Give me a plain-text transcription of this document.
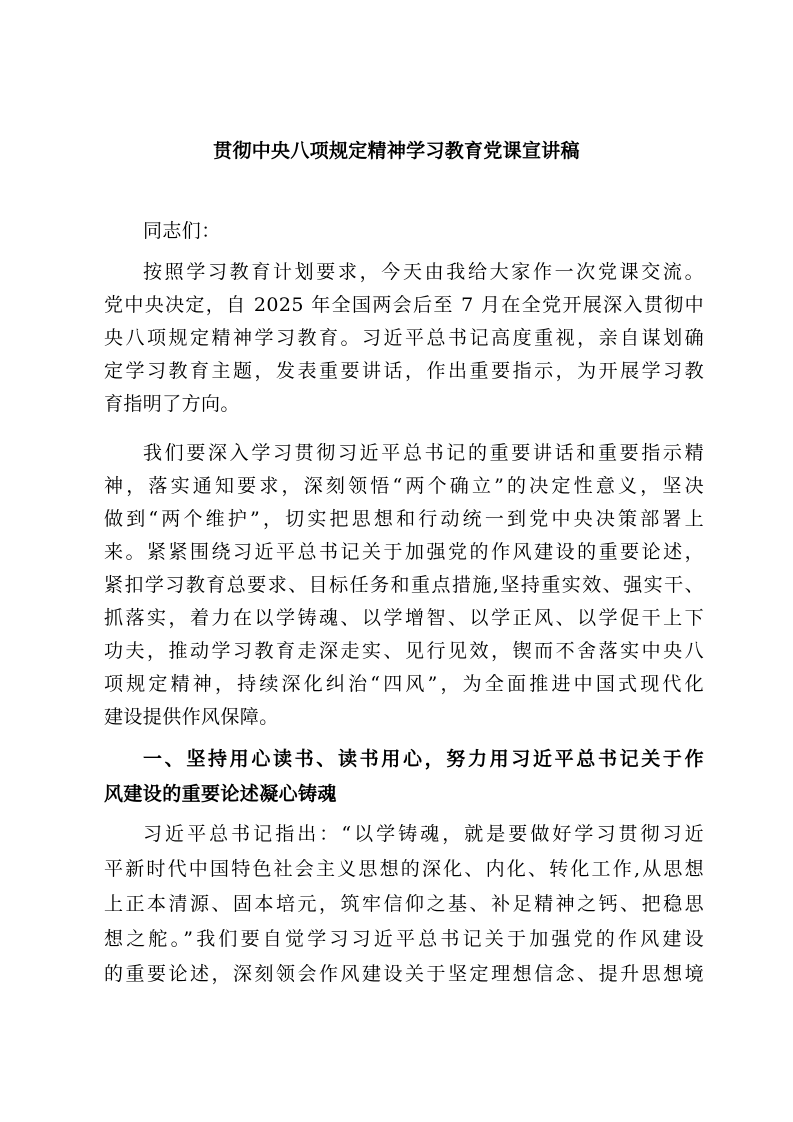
贯彻中央八项规定精神学习教育党课宣讲稿
同志们：
按照学习教育计划要求，今天由我给大家作一次党课交流。
党中央决定，自 2025 年全国两会后至 7 月在全党开展深入贯彻中
央八项规定精神学习教育。习近平总书记高度重视，亲自谋划确
定学习教育主题，发表重要讲话，作出重要指示，为开展学习教
育指明了方向。
我们要深入学习贯彻习近平总书记的重要讲话和重要指示精
神，落实通知要求，深刻领悟“两个确立”的决定性意义，坚决
做到“两个维护”，切实把思想和行动统一到党中央决策部署上
来。紧紧围绕习近平总书记关于加强党的作风建设的重要论述，
紧扣学习教育总要求、目标任务和重点措施,坚持重实效、强实干、
抓落实，着力在以学铸魂、以学增智、以学正风、以学促干上下
功夫，推动学习教育走深走实、见行见效，锲而不舍落实中央八
项规定精神，持续深化纠治“四风”，为全面推进中国式现代化
建设提供作风保障。
一、坚持用心读书、读书用心，努力用习近平总书记关于作
风建设的重要论述凝心铸魂
习近平总书记指出：“以学铸魂，就是要做好学习贯彻习近
平新时代中国特色社会主义思想的深化、内化、转化工作,从思想
上正本清源、固本培元，筑牢信仰之基、补足精神之钙、把稳思
想之舵。”我们要自觉学习习近平总书记关于加强党的作风建设
的重要论述，深刻领会作风建设关于坚定理想信念、提升思想境
